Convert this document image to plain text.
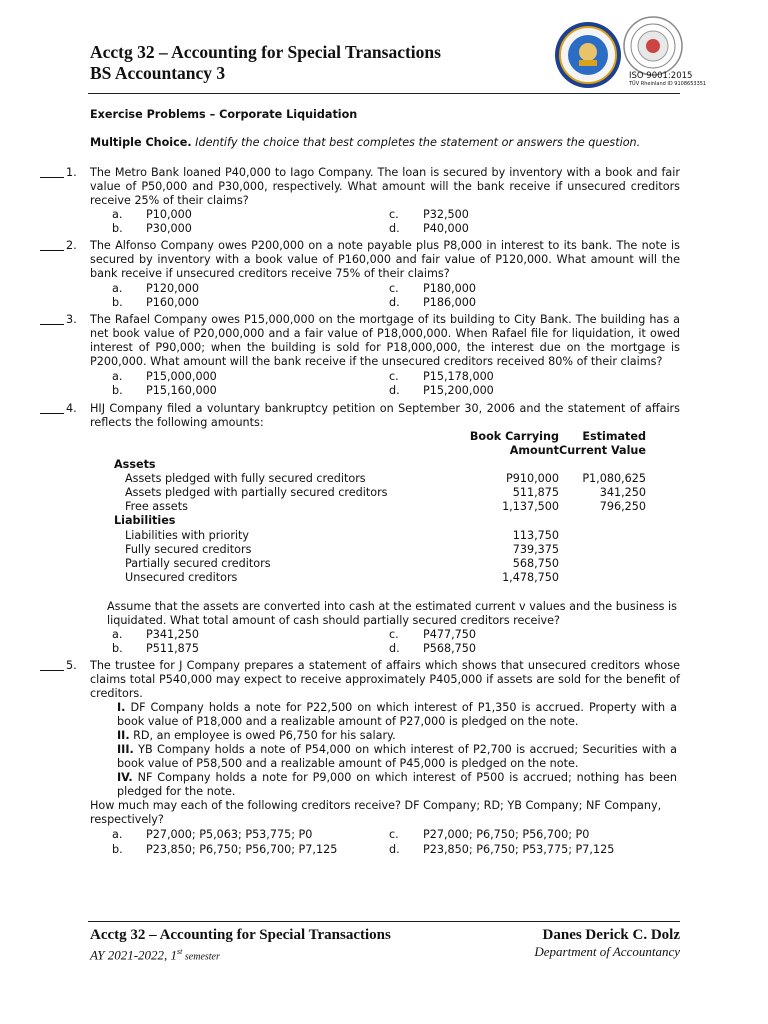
Acctg 32 – Accounting for Special Transactions
BS Accountancy 3	ISO 9001:2015
TÜV Rheinland ID 9108653351
Exercise Problems – Corporate Liquidation
Multiple Choice. Identify the choice that best completes the statement or answers the question.
1. The Metro Bank loaned P40,000 to Iago Company. The loan is secured by inventory with a book and fair value of P50,000 and P30,000, respectively. What amount will the bank receive if unsecured creditors receive 25% of their claims?
a. P10,000	c. P32,500
b. P30,000	d. P40,000
2. The Alfonso Company owes P200,000 on a note payable plus P8,000 in interest to its bank. The note is secured by inventory with a book value of P160,000 and fair value of P120,000. What amount will the bank receive if unsecured creditors receive 75% of their claims?
a. P120,000	c. P180,000
b. P160,000	d. P186,000
3. The Rafael Company owes P15,000,000 on the mortgage of its building to City Bank. The building has a net book value of P20,000,000 and a fair value of P18,000,000. When Rafael file for liquidation, it owed interest of P90,000; when the building is sold for P18,000,000, the interest due on the mortgage is P200,000. What amount will the bank receive if the unsecured creditors received 80% of their claims?
a. P15,000,000	c. P15,178,000
b. P15,160,000	d. P15,200,000
4. HIJ Company filed a voluntary bankruptcy petition on September 30, 2006 and the statement of affairs reflects the following amounts:
Book Carrying Estimated
Amount Current Value
Assets
Assets pledged with fully secured creditors	P910,000 P1,080,625
Assets pledged with partially secured creditors	511,875	341,250
Free assets	1,137,500	796,250
Liabilities
Liabilities with priority	113,750
Fully secured creditors	739,375
Partially secured creditors	568,750
Unsecured creditors	1,478,750
Assume that the assets are converted into cash at the estimated current v values and the business is liquidated. What total amount of cash should partially secured creditors receive?
a. P341,250	c. P477,750
b. P511,875	d. P568,750
5. The trustee for J Company prepares a statement of affairs which shows that unsecured creditors whose claims total P540,000 may expect to receive approximately P405,000 if assets are sold for the benefit of creditors.
I. DF Company holds a note for P22,500 on which interest of P1,350 is accrued. Property with a book value of P18,000 and a realizable amount of P27,000 is pledged on the note.
II. RD, an employee is owed P6,750 for his salary.
III. YB Company holds a note of P54,000 on which interest of P2,700 is accrued; Securities with a book value of P58,500 and a realizable amount of P45,000 is pledged on the note.
IV. NF Company holds a note for P9,000 on which interest of P500 is accrued; nothing has been pledged for the note.
How much may each of the following creditors receive? DF Company; RD; YB Company; NF Company, respectively?
a. P27,000; P5,063; P53,775; P0	c. P27,000; P6,750; P56,700; P0
b. P23,850; P6,750; P56,700; P7,125	d. P23,850; P6,750; P53,775; P7,125
Acctg 32 – Accounting for Special Transactions
AY 2021-2022, 1st semester
Danes Derick C. Dolz
Department of Accountancy
